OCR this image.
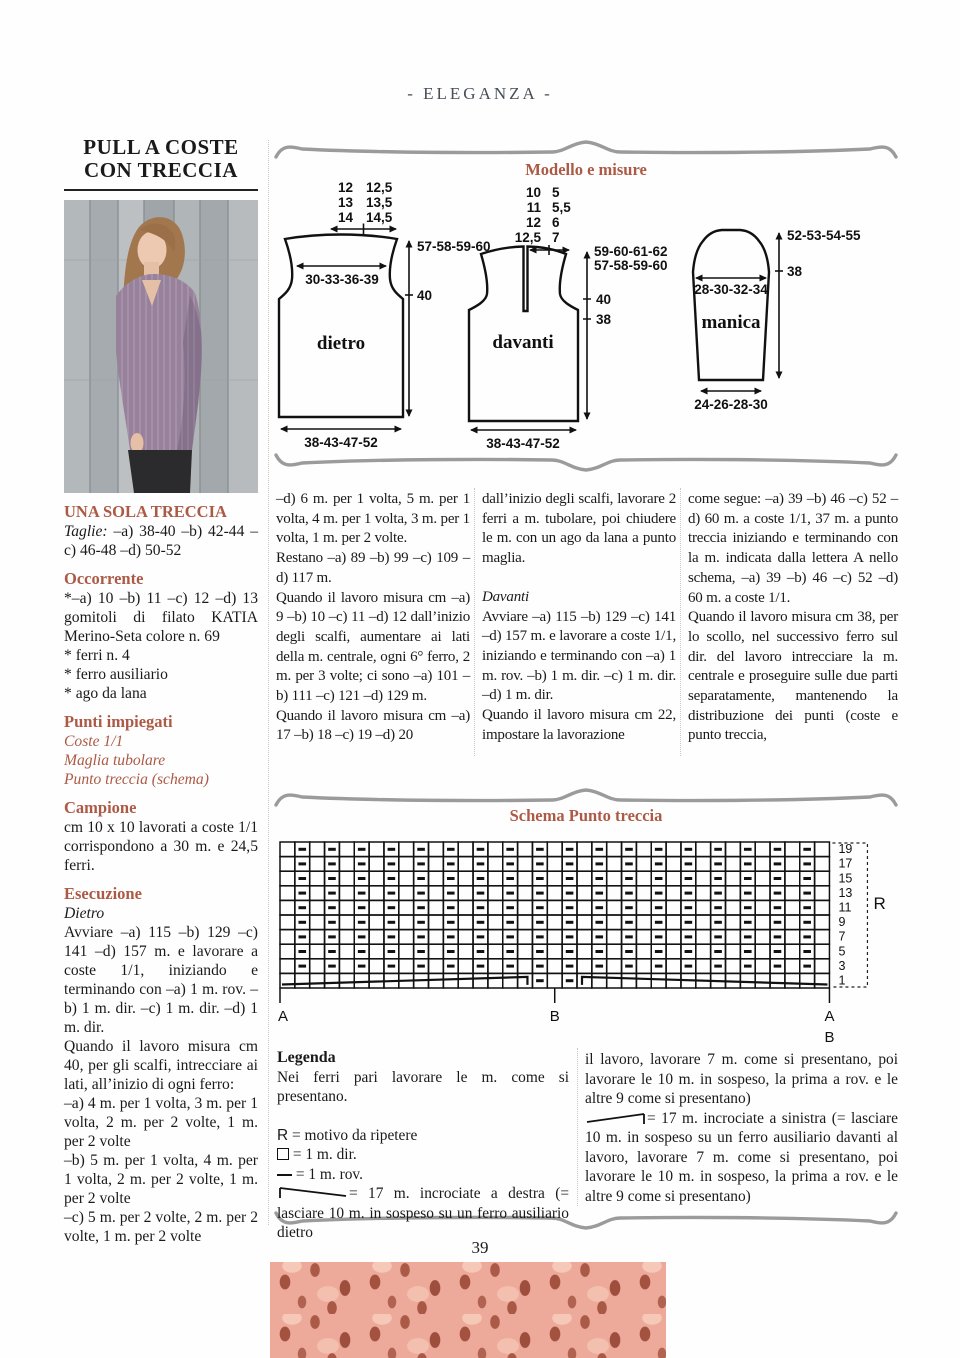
- ELEGANZA -
PULL A COSTE
CON TRECCIA

UNA SOLA TRECCIA

Taglie: –a) 38-40 –b) 42-44 –c) 46-48 –d) 50-52

Occorrente

*–a) 10 –b) 11 –c) 12 –d) 13 gomitoli di filato KATIA Merino-Seta colore n. 69

* ferri n. 4

* ferro ausiliario

* ago da lana

Punti impiegati

Coste 1/1

Maglia tubolare

Punto treccia (schema)

Campione

cm 10 x 10 lavorati a coste 1/1 corrispondono a 30 m. e 24,5 ferri.

Esecuzione

Dietro

Avviare –a) 115 –b) 129 –c) 141 –d) 157 m. e lavorare a coste 1/1, iniziando e terminando con –a) 1 m. rov. –b) 1 m. dir. –c) 1 m. dir. –d) 1 m. dir.

Quando il lavoro misura cm 40, per gli scalfi, intrecciare ai lati, all’inizio di ogni ferro:

–a) 4 m. per 1 volta, 3 m. per 1 volta, 2 m. per 2 volte, 1 m. per 2 volte

–b) 5 m. per 1 volta, 4 m. per 1 volta, 2 m. per 2 volte, 1 m. per 2 volte

–c) 5 m. per 2 volte, 2 m. per 2 volte, 1 m. per 2 volte

Modello e misure
12
13
14
12,5
13,5
14,5
30-33-36-39
57-58-59-60
40
dietro
38-43-47-52
10
11
12
12,5
5
5,5
6
7
59-60-61-62
57-58-59-60
40
38
davanti
38-43-47-52
28-30-32-34
manica
52-53-54-55
38
24-26-28-30

–d) 6 m. per 1 volta, 5 m. per 1 volta, 4 m. per 1 volta, 3 m. per 1 volta, 1 m. per 2 volte.

Restano –a) 89 –b) 99 –c) 109 –d) 117 m.

Quando il lavoro misura cm –a) 9 –b) 10 –c) 11 –d) 12 dall’inizio degli scalfi, aumentare ai lati della m. centrale, ogni 6° ferro, 2 m. per 3 volte; ci sono –a) 101 –b) 111 –c) 121 –d) 129 m.

Quando il lavoro misura cm –a) 17 –b) 18 –c) 19 –d) 20

dall’inizio degli scalfi, lavorare 2 ferri a m. tubolare, poi chiudere le m. con un ago da lana a punto maglia.

Davanti

Avviare –a) 115 –b) 129 –c) 141 –d) 157 m. e lavorare a coste 1/1, iniziando e terminando con –a) 1 m. rov. –b) 1 m. dir. –c) 1 m. dir. –d) 1 m. dir.

Quando il lavoro misura cm 22, impostare la lavorazione

come segue: –a) 39 –b) 46 –c) 52 –d) 60 m. a coste 1/1, 37 m. a punto treccia iniziando e terminando con la m. indicata dalla lettera A nello schema, –a) 39 –b) 46 –c) 52 –d) 60 m. a coste 1/1.

Quando il lavoro misura cm 38, per lo scollo, nel successivo ferro sul dir. del lavoro intrecciare la m. centrale e proseguire sulle due parti separatamente, mantenendo la distribuzione dei punti (coste e punto treccia,

Schema Punto treccia
19
17
15
13
11
9
7
5
3
1
R
A	B	A
B

Legenda

Nei ferri pari lavorare le m. come si presentano.

R = motivo da ripetere

= 1 m. dir.

= 1 m. rov.

= 17 m. incrociate a destra (= lasciare 10 m. in sospeso su un ferro ausiliario dietro

il lavoro, lavorare 7 m. come si presentano, poi lavorare le 10 m. in sospeso, la prima a rov. e le altre 9 come si presentano)

= 17 m. incrociate a sinistra (= lasciare 10 m. in sospeso su un ferro ausiliario davanti al lavoro, lavorare 7 m. come si presentano, poi lavorare le 10 m. in sospeso, la prima a rov. e le altre 9 come si presentano)

39
